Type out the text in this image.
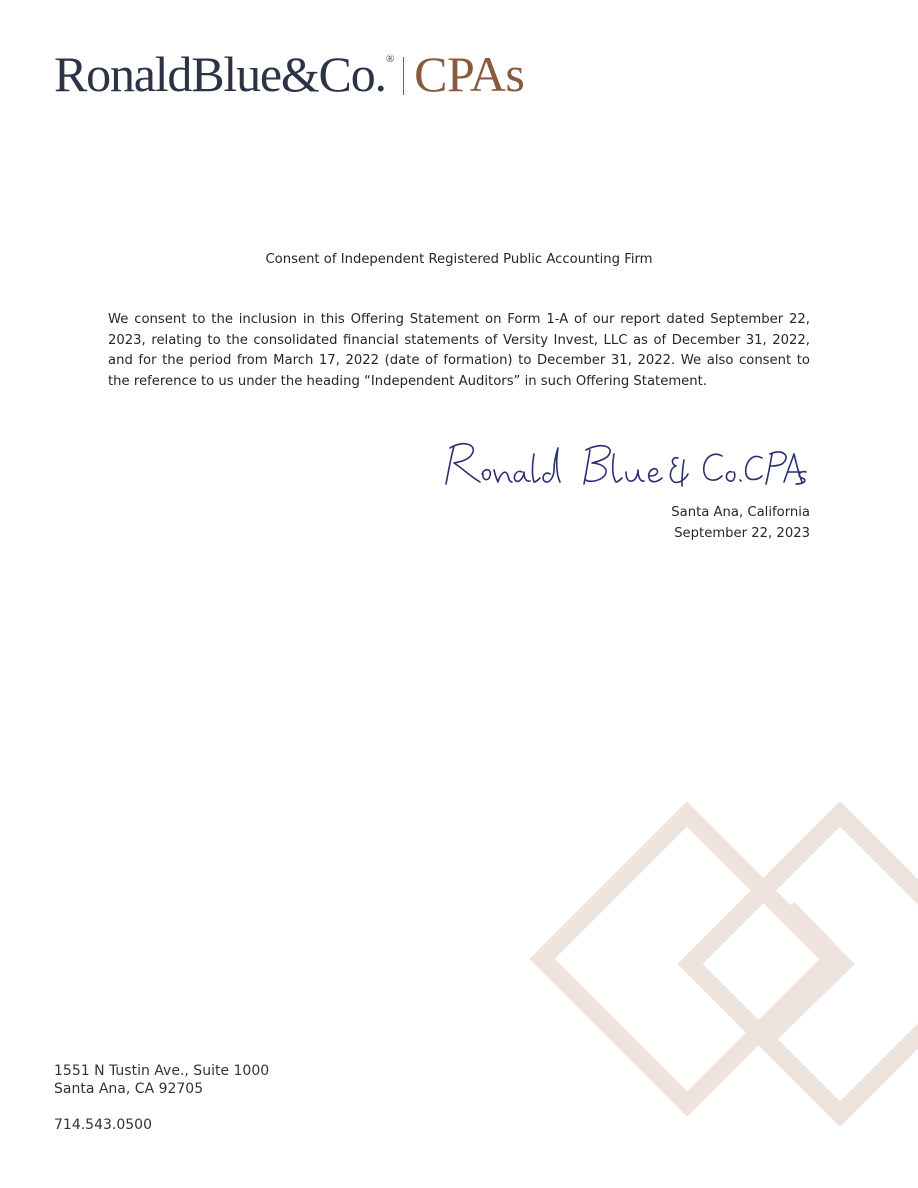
RonaldBlue&Co. ® CPAs
Consent of Independent Registered Public Accounting Firm
We consent to the inclusion in this Offering Statement on Form 1-A of our report dated September 22, 2023, relating to the consolidated financial statements of Versity Invest, LLC as of December 31, 2022, and for the period from March 17, 2022 (date of formation) to December 31, 2022. We also consent to the reference to us under the heading “Independent Auditors” in such Offering Statement.
Santa Ana, California
September 22, 2023
1551 N Tustin Ave., Suite 1000
Santa Ana, CA 92705
714.543.0500
